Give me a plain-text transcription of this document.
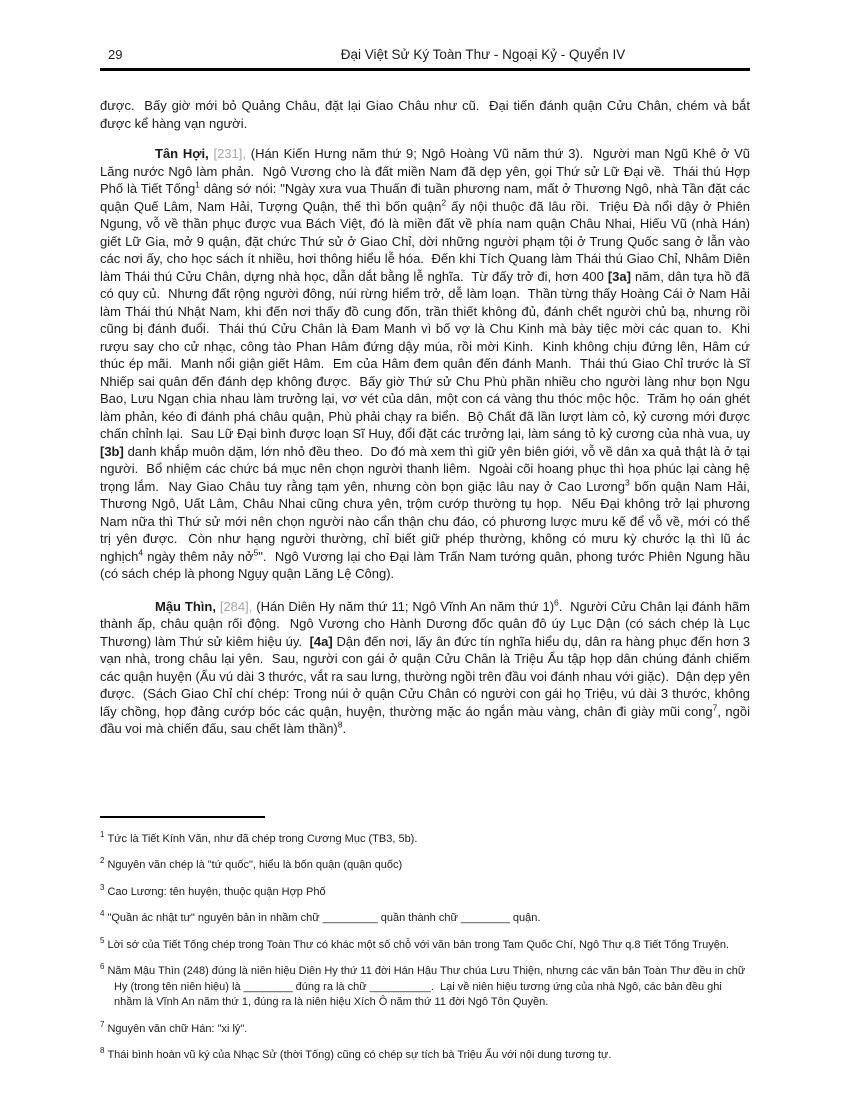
29	Đại Việt Sử Ký Toàn Thư - Ngoại Kỷ - Quyển IV

được.  Bấy giờ mới bỏ Quảng Châu, đặt lại Giao Châu như cũ.  Đại tiến đánh quận Cửu Chân, chém và bắt được kể hàng vạn người.

Tân Hợi, [231], (Hán Kiến Hưng năm thứ 9; Ngô Hoàng Vũ năm thứ 3).  Người man Ngũ Khê ở Vũ Lăng nước Ngô làm phản.  Ngô Vương cho là đất miền Nam đã dẹp yên, gọi Thứ sử Lữ Đại về.  Thái thú Hợp Phố là Tiết Tống$^1$ dâng sớ nói: "Ngày xưa vua Thuấn đi tuần phương nam, mất ở Thương Ngô, nhà Tần đặt các quận Quế Lâm, Nam Hải, Tượng Quận, thế thì bốn quận$^2$ ấy nội thuộc đã lâu rồi.  Triệu Đà nổi dậy ở Phiên Ngung, vỗ về thần phục được vua Bách Việt, đó là miền đất về phía nam quận Châu Nhai, Hiếu Vũ (nhà Hán) giết Lữ Gia, mở 9 quận, đặt chức Thứ sử ở Giao Chỉ, dời những người phạm tội ở Trung Quốc sang ở lẫn vào các nơi ấy, cho học sách ít nhiều, hơi thông hiểu lễ hóa.  Đến khi Tích Quang làm Thái thú Giao Chỉ, Nhâm Diên làm Thái thú Cửu Chân, dựng nhà học, dẫn dắt bằng lễ nghĩa.  Từ đấy trở đi, hơn 400 [3a] năm, dân tựa hồ đã có quy củ.  Nhưng đất rộng người đông, núi rừng hiểm trở, dễ làm loạn.  Thần từng thấy Hoàng Cái ở Nam Hải làm Thái thú Nhật Nam, khi đến nơi thấy đồ cung đốn, trần thiết không đủ, đánh chết người chủ bạ, nhưng rồi cũng bị đánh đuổi.  Thái thú Cửu Chân là Đam Manh vì bố vợ là Chu Kinh mà bày tiệc mời các quan to.  Khi rượu say cho cử nhạc, công tào Phan Hâm đứng dậy múa, rồi mời Kinh.  Kinh không chịu đứng lên, Hâm cứ thúc ép mãi.  Manh nổi giận giết Hâm.  Em của Hâm đem quân đến đánh Manh.  Thái thú Giao Chỉ trước là Sĩ Nhiếp sai quân đến đánh dẹp không được.  Bấy giờ Thứ sử Chu Phù phần nhiều cho người làng như bọn Ngu Bao, Lưu Ngạn chia nhau làm trưởng lại, vơ vét của dân, một con cá vàng thu thóc mộc hộc.  Trăm họ oán ghét làm phản, kéo đi đánh phá châu quận, Phù phải chạy ra biển.  Bộ Chất đã lần lượt làm cỏ, kỷ cương mới được chấn chỉnh lại.  Sau Lữ Đại bình được loạn Sĩ Huy, đổi đặt các trưởng lại, làm sáng tỏ kỷ cương của nhà vua, uy [3b] danh khắp muôn dặm, lớn nhỏ đều theo.  Do đó mà xem thì giữ yên biên giới, vỗ về dân xa quả thật là ở tại người.  Bổ nhiệm các chức bá mục nên chọn người thanh liêm.  Ngoài cõi hoang phục thì họa phúc lại càng hệ trọng lắm.  Nay Giao Châu tuy rằng tạm yên, nhưng còn bọn giặc lâu nay ở Cao Lương$^3$ bốn quận Nam Hải, Thương Ngô, Uất Lâm, Châu Nhai cũng chưa yên, trộm cướp thường tụ họp.  Nếu Đại không trở lại phương Nam nữa thì Thứ sử mới nên chọn người nào cẩn thận chu đáo, có phương lược mưu kế để vỗ về, mới có thể trị yên được.  Còn như hạng người thường, chỉ biết giữ phép thường, không có mưu kỳ chước lạ thì lũ ác nghịch$^4$ ngày thêm nảy nở$^5$".  Ngô Vương lại cho Đại làm Trấn Nam tướng quân, phong tước Phiên Ngung hầu (có sách chép là phong Ngụy quận Lăng Lệ Công).

Mậu Thìn, [284], (Hán Diên Hy năm thứ 11; Ngô Vĩnh An năm thứ 1)$^6$.  Người Cửu Chân lại đánh hãm thành ấp, châu quận rối động.  Ngô Vương cho Hành Dương đốc quân đô úy Lục Dận (có sách chép là Lục Thương) làm Thứ sử kiêm hiệu úy.  [4a] Dận đến nơi, lấy ân đức tín nghĩa hiểu dụ, dân ra hàng phục đến hơn 3 vạn nhà, trong châu lại yên.  Sau, người con gái ở quận Cửu Chân là Triệu Ẩu tập họp dân chúng đánh chiếm các quận huyện (Ẩu vú dài 3 thước, vắt ra sau lưng, thường ngồi trên đầu voi đánh nhau với giặc).  Dận dẹp yên được.  (Sách Giao Chỉ chí chép: Trong núi ở quận Cửu Chân có người con gái họ Triệu, vú dài 3 thước, không lấy chồng, họp đảng cướp bóc các quận, huyện, thường mặc áo ngắn màu vàng, chân đi giày mũi cong$^7$, ngồi đầu voi mà chiến đấu, sau chết làm thần)$^8$.

$^1$ Tức là Tiết Kính Văn, như đã chép trong Cương Mục (TB3, 5b).

$^2$ Nguyên văn chép là "tứ quốc", hiểu là bốn quận (quận quốc)

$^3$ Cao Lương: tên huyện, thuộc quận Hợp Phố

$^4$ "Quần ác nhật tư" nguyên bản in nhầm chữ _________ quần thành chữ ________ quận.

$^5$ Lời sớ của Tiết Tống chép trong Toàn Thư có khác một số chỗ với văn bản trong Tam Quốc Chí, Ngô Thư q.8 Tiết Tống Truyện.

$^6$ Năm Mậu Thìn (248) đúng là niên hiệu Diên Hy thứ 11 đời Hán Hậu Thư chúa Lưu Thiện, nhưng các văn bản Toàn Thư đều in chữ Hy (trong tên niên hiệu) là ________ đúng ra là chữ __________.  Lại về niên hiệu tương ứng của nhà Ngô, các bản đều ghi nhầm là Vĩnh An năm thứ 1, đúng ra là niên hiệu Xích Ô năm thứ 11 đời Ngô Tôn Quyền.

$^7$ Nguyên văn chữ Hán: "xi lý".

$^8$ Thái bình hoàn vũ ký của Nhạc Sử (thời Tống) cũng có chép sự tích bà Triệu Ẩu với nội dung tương tự.
